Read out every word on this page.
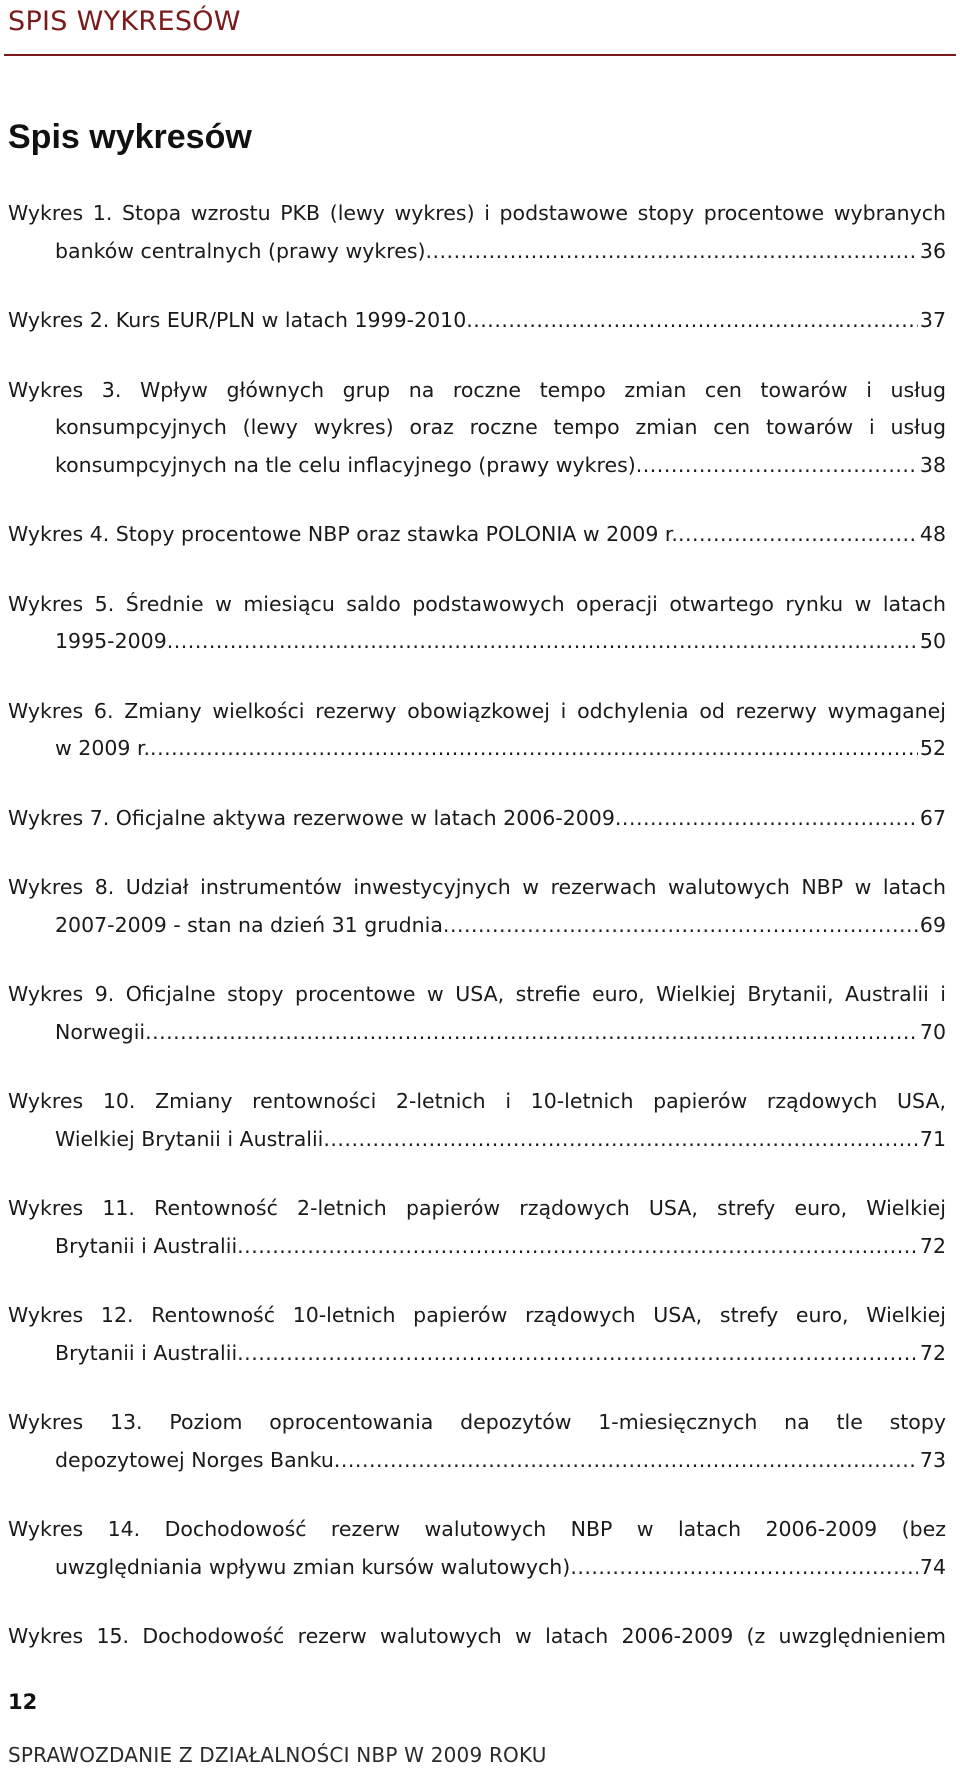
SPIS WYKRESÓW
Spis wykresów
Wykres 1. Stopa wzrostu PKB (lewy wykres) i podstawowe stopy procentowe wybranych
banków centralnych (prawy wykres) .....	36
Wykres 2.
Kurs EUR/PLN w latach 1999-2010 .....	37
Wykres 3. Wpływ głównych grup na roczne tempo zmian cen towarów i usług
konsumpcyjnych (lewy wykres) oraz roczne tempo zmian cen towarów i usług
konsumpcyjnych na tle celu inflacyjnego (prawy wykres) .....	38
Wykres 4.
Stopy procentowe NBP oraz stawka POLONIA w 2009 r. .....	48
Wykres 5. Średnie w miesiącu saldo podstawowych operacji otwartego rynku w latach
1995-2009 .....	50
Wykres 6. Zmiany wielkości rezerwy obowiązkowej i odchylenia od rezerwy wymaganej
w 2009 r. .....	52
Wykres 7.
Oficjalne aktywa rezerwowe w latach 2006-2009 .....	67
Wykres 8. Udział instrumentów inwestycyjnych w rezerwach walutowych NBP w latach
2007-2009 - stan na dzień 31 grudnia .....	69
Wykres 9. Oficjalne stopy procentowe w USA, strefie euro, Wielkiej Brytanii, Australii i
Norwegii .....	70
Wykres 10. Zmiany rentowności 2-letnich i 10-letnich papierów rządowych USA,
Wielkiej Brytanii i Australii .....	71
Wykres 11. Rentowność 2-letnich papierów rządowych USA, strefy euro, Wielkiej
Brytanii i Australii .....	72
Wykres 12. Rentowność 10-letnich papierów rządowych USA, strefy euro, Wielkiej
Brytanii i Australii .....	72
Wykres 13. Poziom oprocentowania depozytów 1-miesięcznych na tle stopy
depozytowej Norges Banku .....	73
Wykres 14. Dochodowość rezerw walutowych NBP w latach 2006-2009 (bez
uwzględniania wpływu zmian kursów walutowych) .....	74
Wykres 15. Dochodowość rezerw walutowych w latach 2006-2009 (z uwzględnieniem
12
SPRAWOZDANIE Z DZIAŁALNOŚCI NBP W 2009 ROKU
